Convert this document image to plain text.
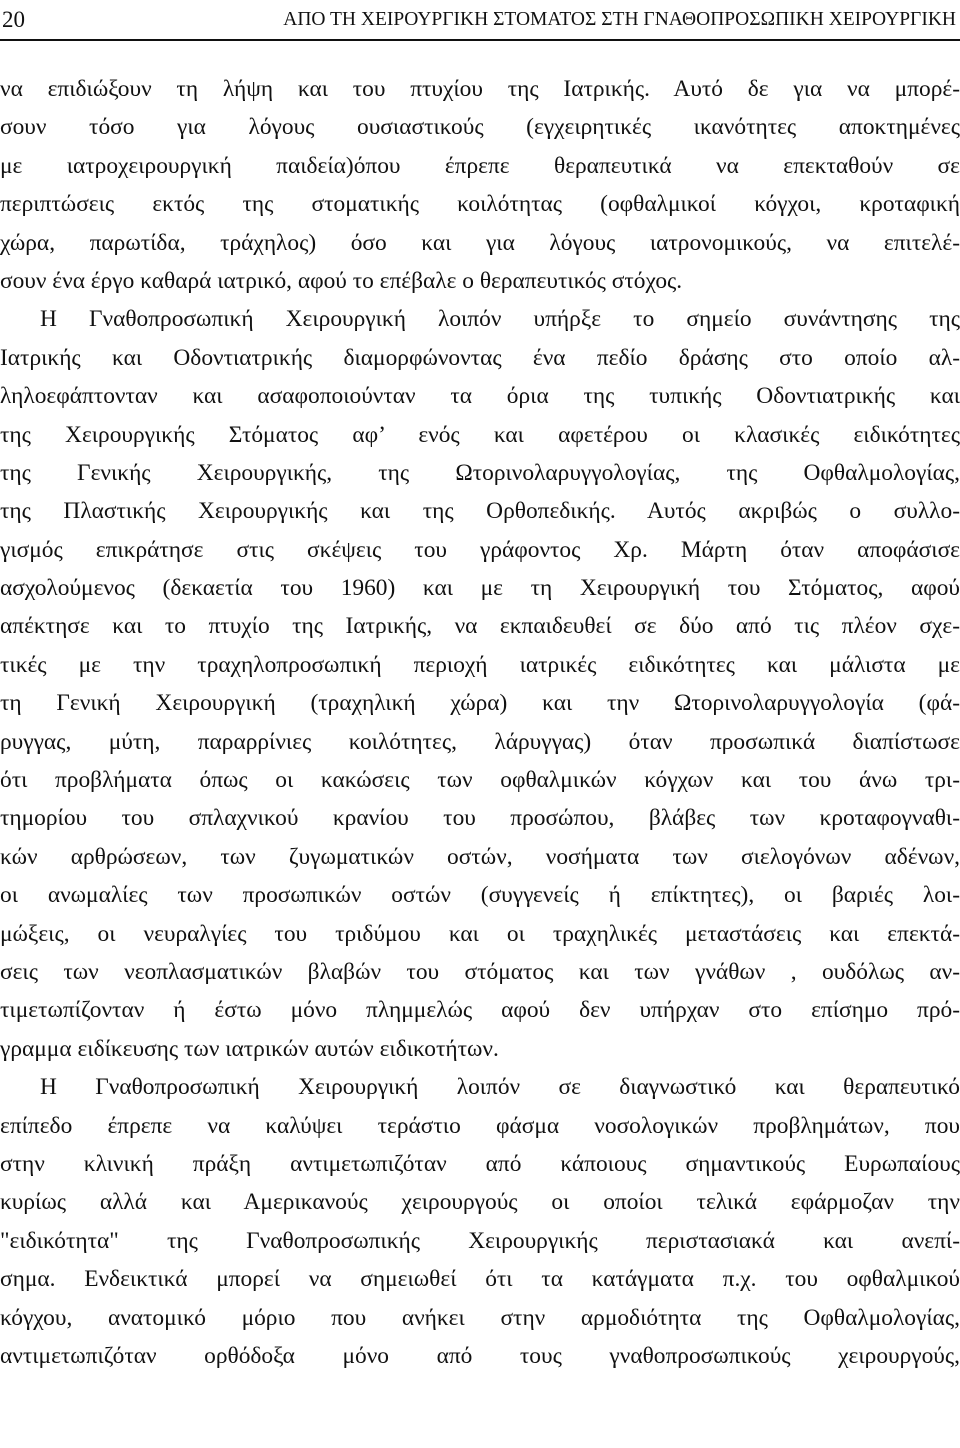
20	ΑΠΟ ΤΗ ΧΕΙΡΟΥΡΓΙΚΗ ΣΤΟΜΑΤΟΣ ΣΤΗ ΓΝΑΘΟΠΡΟΣΩΠΙΚΗ ΧΕΙΡΟΥΡΓΙΚΗ
να επιδιώξουν τη λήψη και του πτυχίου της Ιατρικής. Αυτό δε για να μπορέ-
σουν τόσο για λόγους ουσιαστικούς (εγχειρητικές ικανότητες αποκτημένες
με ιατροχειρουργική παιδεία)όπου έπρεπε θεραπευτικά να επεκταθούν σε
περιπτώσεις εκτός της στοματικής κοιλότητας (οφθαλμικοί κόγχοι, κροταφική
χώρα, παρωτίδα, τράχηλος) όσο και για λόγους ιατρονομικούς, να επιτελέ-
σουν ένα έργο καθαρά ιατρικό, αφού το επέβαλε ο θεραπευτικός στόχος.
Η Γναθοπροσωπική Χειρουργική λοιπόν υπήρξε το σημείο συνάντησης της
Ιατρικής και Οδοντιατρικής διαμορφώνοντας ένα πεδίο δράσης στο οποίο αλ-
ληλοεφάπτονταν και ασαφοποιούνταν τα όρια της τυπικής Οδοντιατρικής και
της Χειρουργικής Στόματος αφ’ ενός και αφετέρου οι κλασικές ειδικότητες
της Γενικής Χειρουργικής, της Ωτορινολαρυγγολογίας, της Οφθαλμολογίας,
της Πλαστικής Χειρουργικής και της Ορθοπεδικής. Αυτός ακριβώς ο συλλο-
γισμός επικράτησε στις σκέψεις του γράφοντος Χρ. Μάρτη όταν αποφάσισε
ασχολούμενος (δεκαετία του 1960) και με τη Χειρουργική του Στόματος, αφού
απέκτησε και το πτυχίο της Ιατρικής, να εκπαιδευθεί σε δύο από τις πλέον σχε-
τικές με την τραχηλοπροσωπική περιοχή ιατρικές ειδικότητες και μάλιστα με
τη Γενική Χειρουργική (τραχηλική χώρα) και την Ωτορινολαρυγγολογία (φά-
ρυγγας, μύτη, παραρρίνιες κοιλότητες, λάρυγγας) όταν προσωπικά διαπίστωσε
ότι προβλήματα όπως οι κακώσεις των οφθαλμικών κόγχων και του άνω τρι-
τημορίου του σπλαχνικού κρανίου του προσώπου, βλάβες των κροταφογναθι-
κών αρθρώσεων, των ζυγωματικών οστών, νοσήματα των σιελογόνων αδένων,
οι ανωμαλίες των προσωπικών οστών (συγγενείς ή επίκτητες), οι βαριές λοι-
μώξεις, οι νευραλγίες του τριδύμου και οι τραχηλικές μεταστάσεις και επεκτά-
σεις των νεοπλασματικών βλαβών του στόματος και των γνάθων , ουδόλως αν-
τιμετωπίζονταν ή έστω μόνο πλημμελώς αφού δεν υπήρχαν στο επίσημο πρό-
γραμμα ειδίκευσης των ιατρικών αυτών ειδικοτήτων.
Η Γναθοπροσωπική Χειρουργική λοιπόν σε διαγνωστικό και θεραπευτικό
επίπεδο έπρεπε να καλύψει τεράστιο φάσμα νοσολογικών προβλημάτων, που
στην κλινική πράξη αντιμετωπιζόταν από κάποιους σημαντικούς Ευρωπαίους
κυρίως αλλά και Αμερικανούς χειρουργούς οι οποίοι τελικά εφάρμοζαν την
"ειδικότητα" της Γναθοπροσωπικής Χειρουργικής περιστασιακά και ανεπί-
σημα. Ενδεικτικά μπορεί να σημειωθεί ότι τα κατάγματα π.χ. του οφθαλμικού
κόγχου, ανατομικό μόριο που ανήκει στην αρμοδιότητα της Οφθαλμολογίας,
αντιμετωπιζόταν ορθόδοξα μόνο από τους γναθοπροσωπικούς χειρουργούς,
